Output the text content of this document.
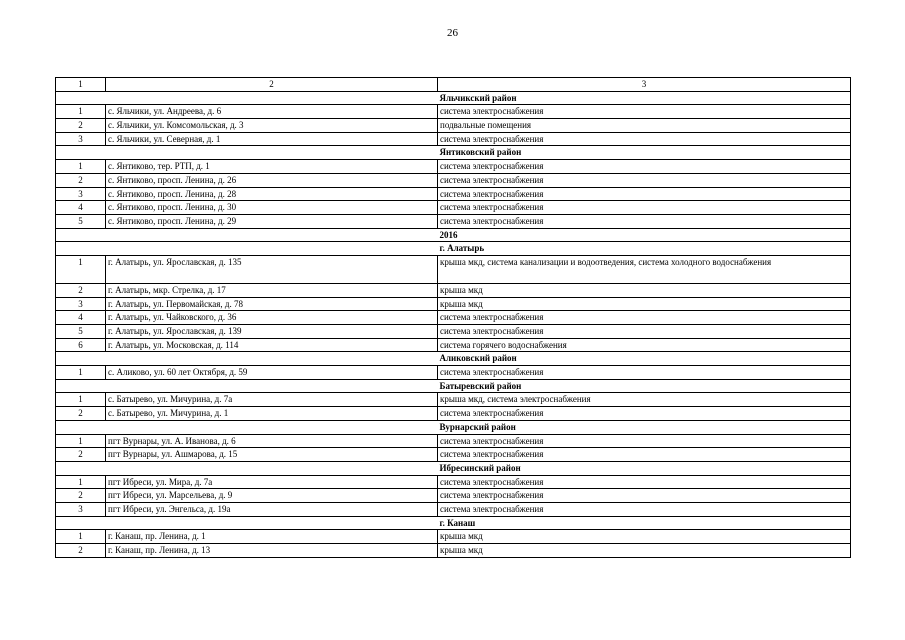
26
1	2	3
		Яльчикский район
1	с. Яльчики, ул. Андреева, д. 6	система электроснабжения
2	с. Яльчики, ул. Комсомольская, д. 3	подвальные помещения
3	с. Яльчики, ул. Северная, д. 1	система электроснабжения
		Янтиковский район
1	с. Янтиково, тер. РТП, д. 1	система электроснабжения
2	с. Янтиково, просп. Ленина, д. 26	система электроснабжения
3	с. Янтиково, просп. Ленина, д. 28	система электроснабжения
4	с. Янтиково, просп. Ленина, д. 30	система электроснабжения
5	с. Янтиково, просп. Ленина, д. 29	система электроснабжения
		2016
		г. Алатырь
1	г. Алатырь, ул. Ярославская, д. 135	крыша мкд, система канализации и водоотведения, система холодного водоснабжения
2	г. Алатырь, мкр. Стрелка, д. 17	крыша мкд
3	г. Алатырь, ул. Первомайская, д. 78	крыша мкд
4	г. Алатырь, ул. Чайковского, д. 36	система электроснабжения
5	г. Алатырь, ул. Ярославская, д. 139	система электроснабжения
6	г. Алатырь, ул. Московская, д. 114	система горячего водоснабжения
		Аликовский район
1	с. Аликово, ул. 60 лет Октября, д. 59	система электроснабжения
		Батыревский район
1	с. Батырево, ул. Мичурина, д. 7а	крыша мкд, система электроснабжения
2	с. Батырево, ул. Мичурина, д. 1	система электроснабжения
		Вурнарский район
1	пгт Вурнары, ул. А. Иванова, д. 6	система электроснабжения
2	пгт Вурнары, ул. Ашмарова, д. 15	система электроснабжения
		Ибресинский район
1	пгт Ибреси, ул. Мира, д. 7а	система электроснабжения
2	пгт Ибреси, ул. Марсельева, д. 9	система электроснабжения
3	пгт Ибреси, ул. Энгельса, д. 19а	система электроснабжения
		г. Канаш
1	г. Канаш, пр. Ленина, д. 1	крыша мкд
2	г. Канаш, пр. Ленина, д. 13	крыша мкд
